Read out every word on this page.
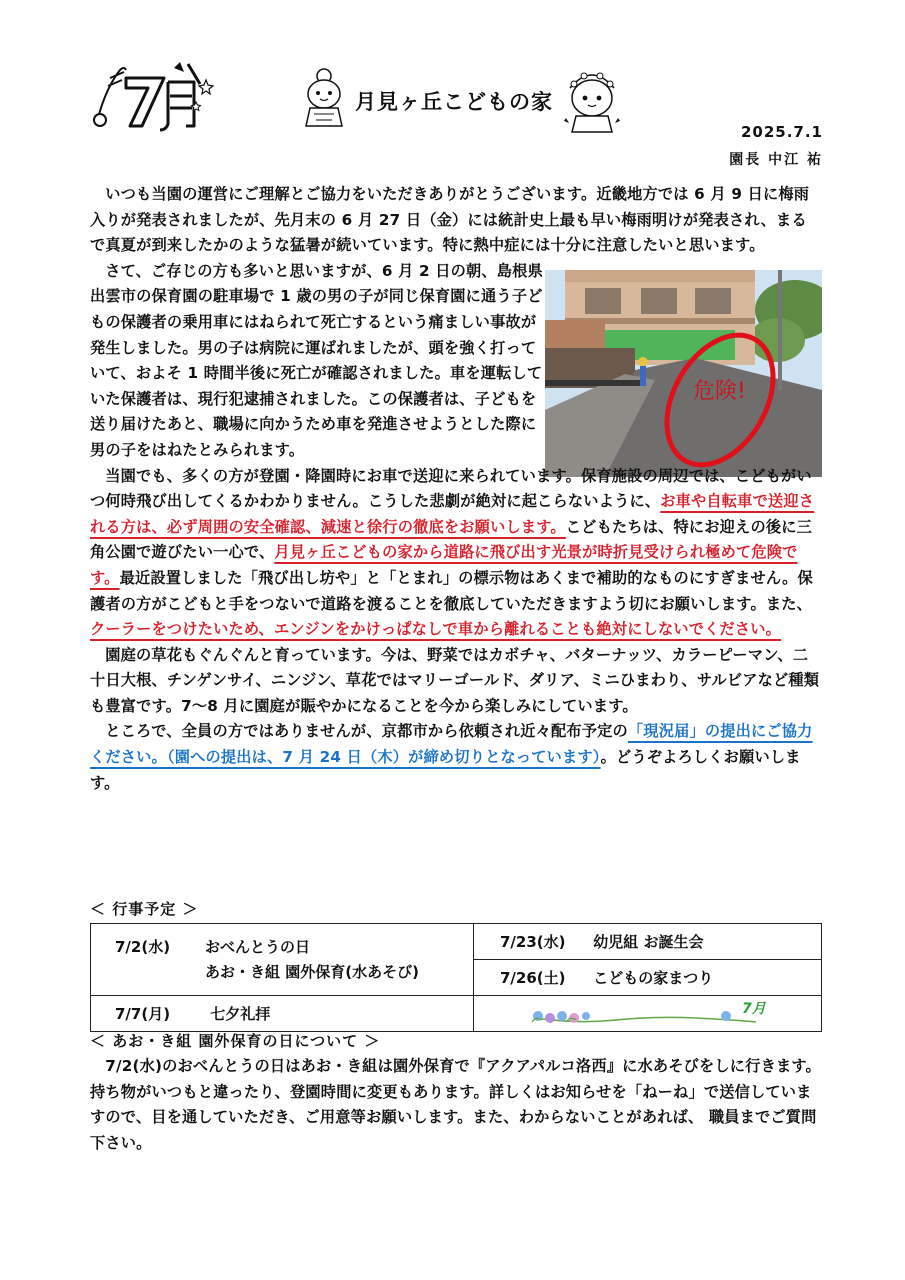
月見ヶ丘こどもの家
2025.7.1
園長 中江 祐
危険!

いつも当園の運営にご理解とご協力をいただきありがとうございます。近畿地方では 6 月 9 日に梅雨入りが発表されましたが、先月末の 6 月 27 日（金）には統計史上最も早い梅雨明けが発表され、まるで真夏が到来したかのような猛暑が続いています。特に熱中症には十分に注意したいと思います。

さて、ご存じの方も多いと思いますが、6 月 2 日の朝、島根県出雲市の保育園の駐車場で 1 歳の男の子が同じ保育園に通う子どもの保護者の乗用車にはねられて死亡するという痛ましい事故が発生しました。男の子は病院に運ばれましたが、頭を強く打っていて、およそ 1 時間半後に死亡が確認されました。車を運転していた保護者は、現行犯逮捕されました。この保護者は、子どもを送り届けたあと、職場に向かうため車を発進させようとした際に男の子をはねたとみられます。

当園でも、多くの方が登園・降園時にお車で送迎に来られています。保育施設の周辺では、こどもがいつ何時飛び出してくるかわかりません。こうした悲劇が絶対に起こらないように、お車や自転車で送迎される方は、必ず周囲の安全確認、減速と徐行の徹底をお願いします。こどもたちは、特にお迎えの後に三角公園で遊びたい一心で、月見ヶ丘こどもの家から道路に飛び出す光景が時折見受けられ極めて危険です。最近設置しました「飛び出し坊や」と「とまれ」の標示物はあくまで補助的なものにすぎません。保護者の方がこどもと手をつないで道路を渡ることを徹底していただきますよう切にお願いします。また、クーラーをつけたいため、エンジンをかけっぱなしで車から離れることも絶対にしないでください。

園庭の草花もぐんぐんと育っています。今は、野菜ではカボチャ、バターナッツ、カラーピーマン、二十日大根、チンゲンサイ、ニンジン、草花ではマリーゴールド、ダリア、ミニひまわり、サルビアなど種類も豊富です。7～8 月に園庭が賑やかになることを今から楽しみにしています。

ところで、全員の方ではありませんが、京都市から依頼され近々配布予定の「現況届」の提出にご協力ください。（園への提出は、7 月 24 日（木）が締め切りとなっています）。どうぞよろしくお願いします。

＜ 行事予定 ＞
7/2(水) おべんとうの日
あお・き組 園外保育(水あそび)	7/23(水) 幼児組 お誕生会
	7/26(土) こどもの家まつり
7/7(月) 七夕礼拝	7月
＜ あお・き組 園外保育の日について ＞

7/2(水)のおべんとうの日はあお・き組は園外保育で『アクアパルコ洛西』に水あそびをしに行きます。持ち物がいつもと違ったり、登園時間に変更もあります。詳しくはお知らせを「ねーね」で送信していますので、目を通していただき、ご用意等お願いします。また、わからないことがあれば、 職員までご質問下さい。
